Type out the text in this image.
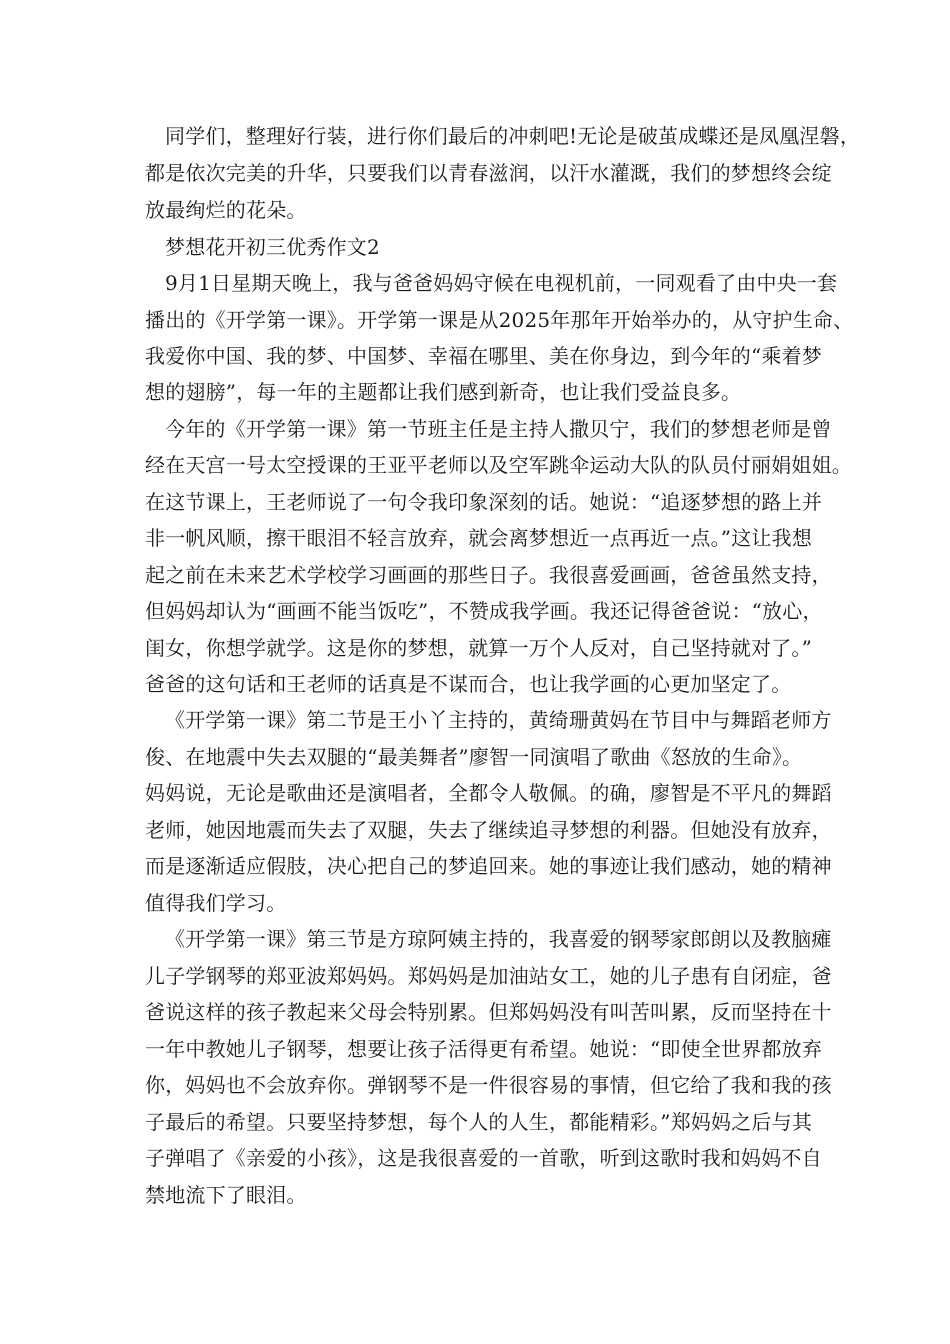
同学们，整理好行装，进行你们最后的冲刺吧!无论是破茧成蝶还是凤凰涅磐，
都是依次完美的升华，只要我们以青春滋润，以汗水灌溉，我们的梦想终会绽
放最绚烂的花朵。
梦想花开初三优秀作文2
9月1日星期天晚上，我与爸爸妈妈守候在电视机前，一同观看了由中央一套
播出的《开学第一课》。开学第一课是从2025年那年开始举办的，从守护生命、
我爱你中国、我的梦、中国梦、幸福在哪里、美在你身边，到今年的“乘着梦
想的翅膀”，每一年的主题都让我们感到新奇，也让我们受益良多。
今年的《开学第一课》第一节班主任是主持人撒贝宁，我们的梦想老师是曾
经在天宫一号太空授课的王亚平老师以及空军跳伞运动大队的队员付丽娟姐姐。
在这节课上，王老师说了一句令我印象深刻的话。她说：“追逐梦想的路上并
非一帆风顺，擦干眼泪不轻言放弃，就会离梦想近一点再近一点。”这让我想
起之前在未来艺术学校学习画画的那些日子。我很喜爱画画，爸爸虽然支持，
但妈妈却认为“画画不能当饭吃”，不赞成我学画。我还记得爸爸说：“放心，
闺女，你想学就学。这是你的梦想，就算一万个人反对，自己坚持就对了。”
爸爸的这句话和王老师的话真是不谋而合，也让我学画的心更加坚定了。
《开学第一课》第二节是王小丫主持的，黄绮珊黄妈在节目中与舞蹈老师方
俊、在地震中失去双腿的“最美舞者”廖智一同演唱了歌曲《怒放的生命》。
妈妈说，无论是歌曲还是演唱者，全都令人敬佩。的确，廖智是不平凡的舞蹈
老师，她因地震而失去了双腿，失去了继续追寻梦想的利器。但她没有放弃，
而是逐渐适应假肢，决心把自己的梦追回来。她的事迹让我们感动，她的精神
值得我们学习。
《开学第一课》第三节是方琼阿姨主持的，我喜爱的钢琴家郎朗以及教脑瘫
儿子学钢琴的郑亚波郑妈妈。郑妈妈是加油站女工，她的儿子患有自闭症，爸
爸说这样的孩子教起来父母会特别累。但郑妈妈没有叫苦叫累，反而坚持在十
一年中教她儿子钢琴，想要让孩子活得更有希望。她说：“即使全世界都放弃
你，妈妈也不会放弃你。弹钢琴不是一件很容易的事情，但它给了我和我的孩
子最后的希望。只要坚持梦想，每个人的人生，都能精彩。”郑妈妈之后与其
子弹唱了《亲爱的小孩》，这是我很喜爱的一首歌，听到这歌时我和妈妈不自
禁地流下了眼泪。
